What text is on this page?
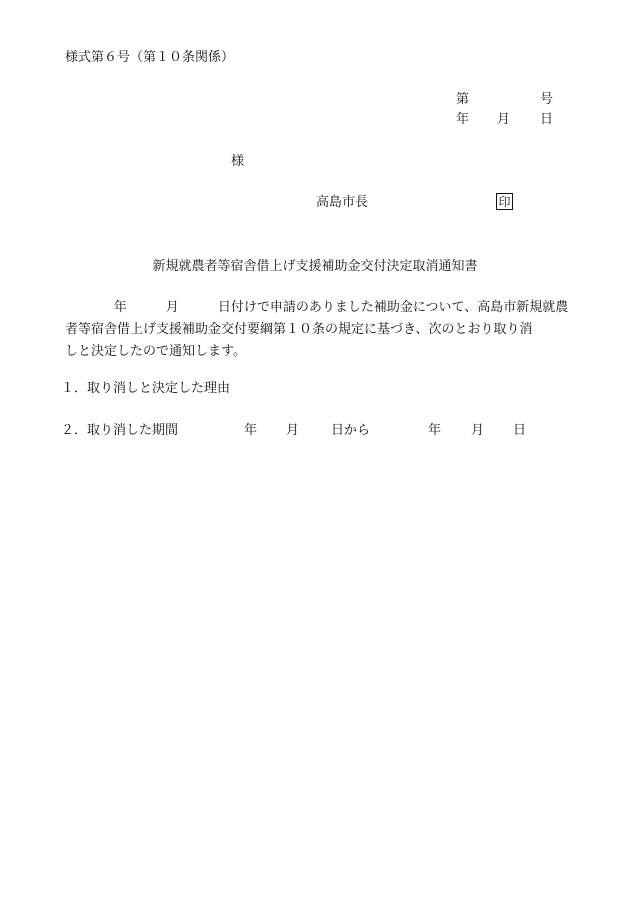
様式第６号（第１０条関係）
第	号
年 月 日
様
高島市長	印
新規就農者等宿舎借上げ支援補助金交付決定取消通知書
年　　　	月　　　	日付けで申請のありました補助金について、高島市新規就農
者等宿舎借上げ支援補助金交付要綱第１０条の規定に基づき、次のとおり取り消
しと決定したので通知します。
１．取り消しと決定した理由
２．取り消した期間	年 月 日から	年 月 日
